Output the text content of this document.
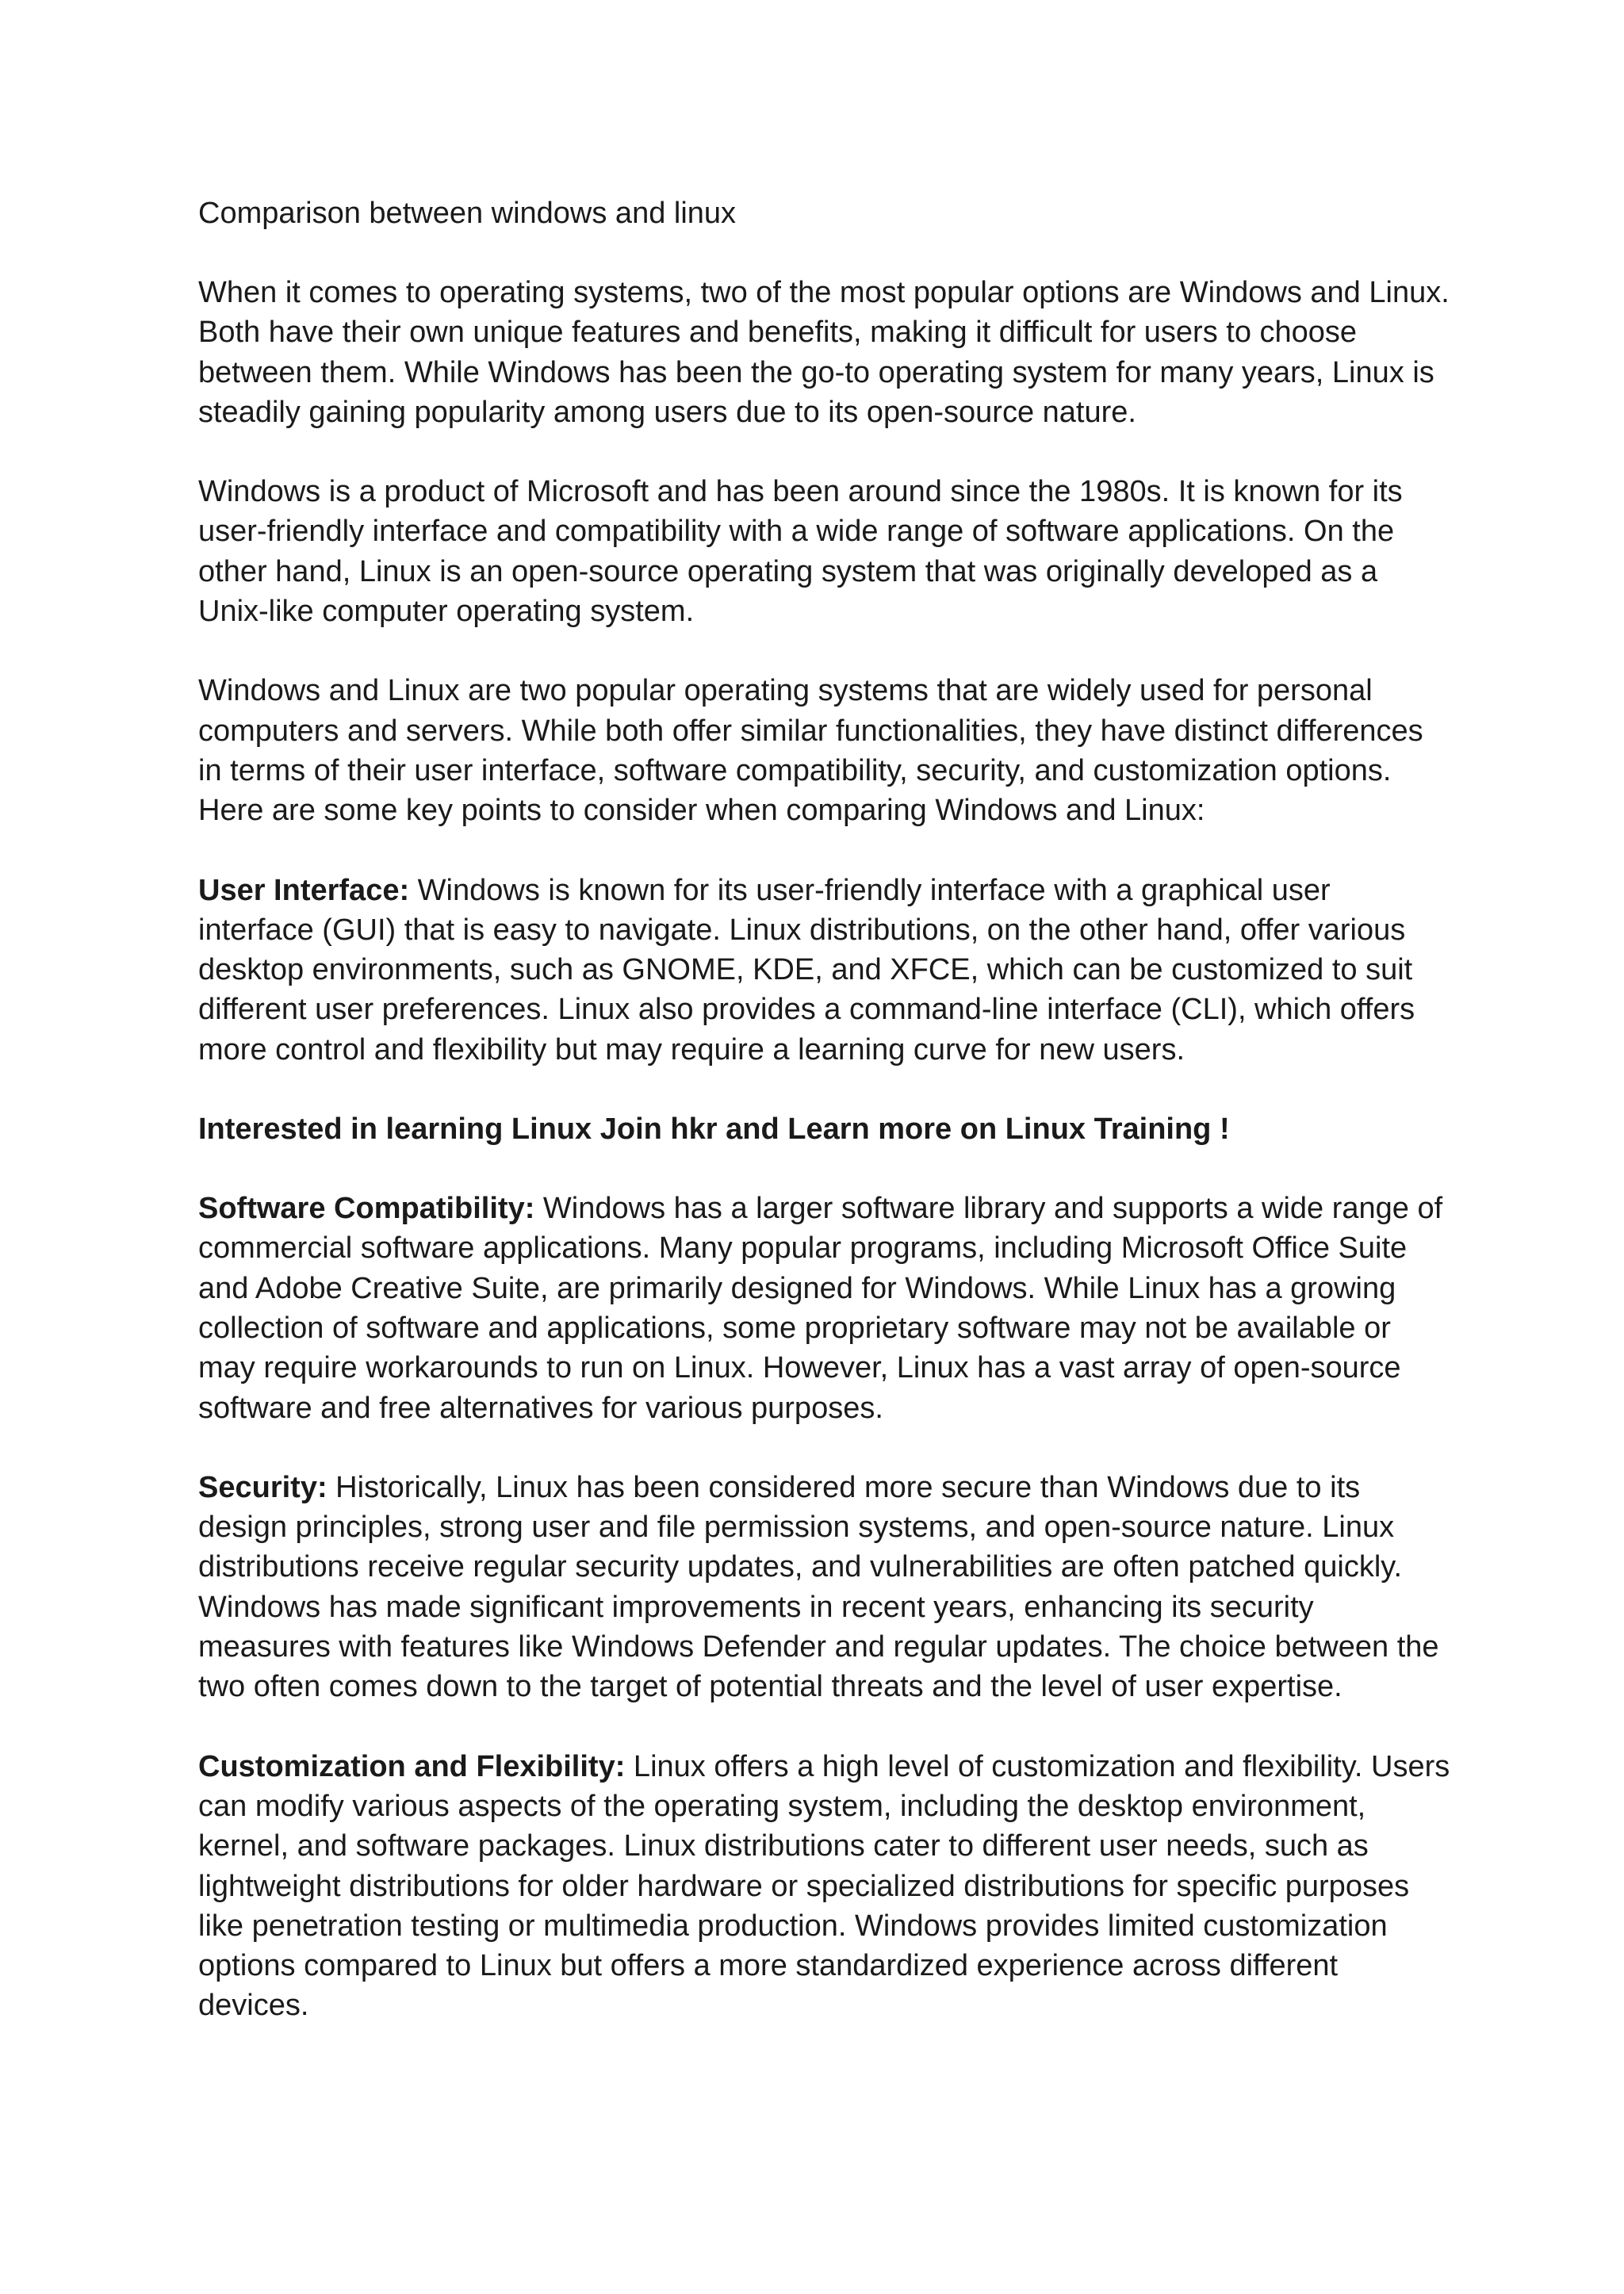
Comparison between windows and linux

When it comes to operating systems, two of the most popular options are Windows and Linux. Both have their own unique features and benefits, making it difficult for users to choose between them. While Windows has been the go-to operating system for many years, Linux is steadily gaining popularity among users due to its open-source nature.

Windows is a product of Microsoft and has been around since the 1980s. It is known for its user-friendly interface and compatibility with a wide range of software applications. On the other hand, Linux is an open-source operating system that was originally developed as a Unix-like computer operating system.

Windows and Linux are two popular operating systems that are widely used for personal computers and servers. While both offer similar functionalities, they have distinct differences in terms of their user interface, software compatibility, security, and customization options. Here are some key points to consider when comparing Windows and Linux:

User Interface: Windows is known for its user-friendly interface with a graphical user interface (GUI) that is easy to navigate. Linux distributions, on the other hand, offer various desktop environments, such as GNOME, KDE, and XFCE, which can be customized to suit different user preferences. Linux also provides a command-line interface (CLI), which offers more control and flexibility but may require a learning curve for new users.

Interested in learning Linux Join hkr and Learn more on Linux Training !

Software Compatibility: Windows has a larger software library and supports a wide range of commercial software applications. Many popular programs, including Microsoft Office Suite and Adobe Creative Suite, are primarily designed for Windows. While Linux has a growing collection of software and applications, some proprietary software may not be available or may require workarounds to run on Linux. However, Linux has a vast array of open-source software and free alternatives for various purposes.

Security: Historically, Linux has been considered more secure than Windows due to its design principles, strong user and file permission systems, and open-source nature. Linux distributions receive regular security updates, and vulnerabilities are often patched quickly. Windows has made significant improvements in recent years, enhancing its security measures with features like Windows Defender and regular updates. The choice between the two often comes down to the target of potential threats and the level of user expertise.

Customization and Flexibility: Linux offers a high level of customization and flexibility. Users can modify various aspects of the operating system, including the desktop environment, kernel, and software packages. Linux distributions cater to different user needs, such as lightweight distributions for older hardware or specialized distributions for specific purposes like penetration testing or multimedia production. Windows provides limited customization options compared to Linux but offers a more standardized experience across different devices.
